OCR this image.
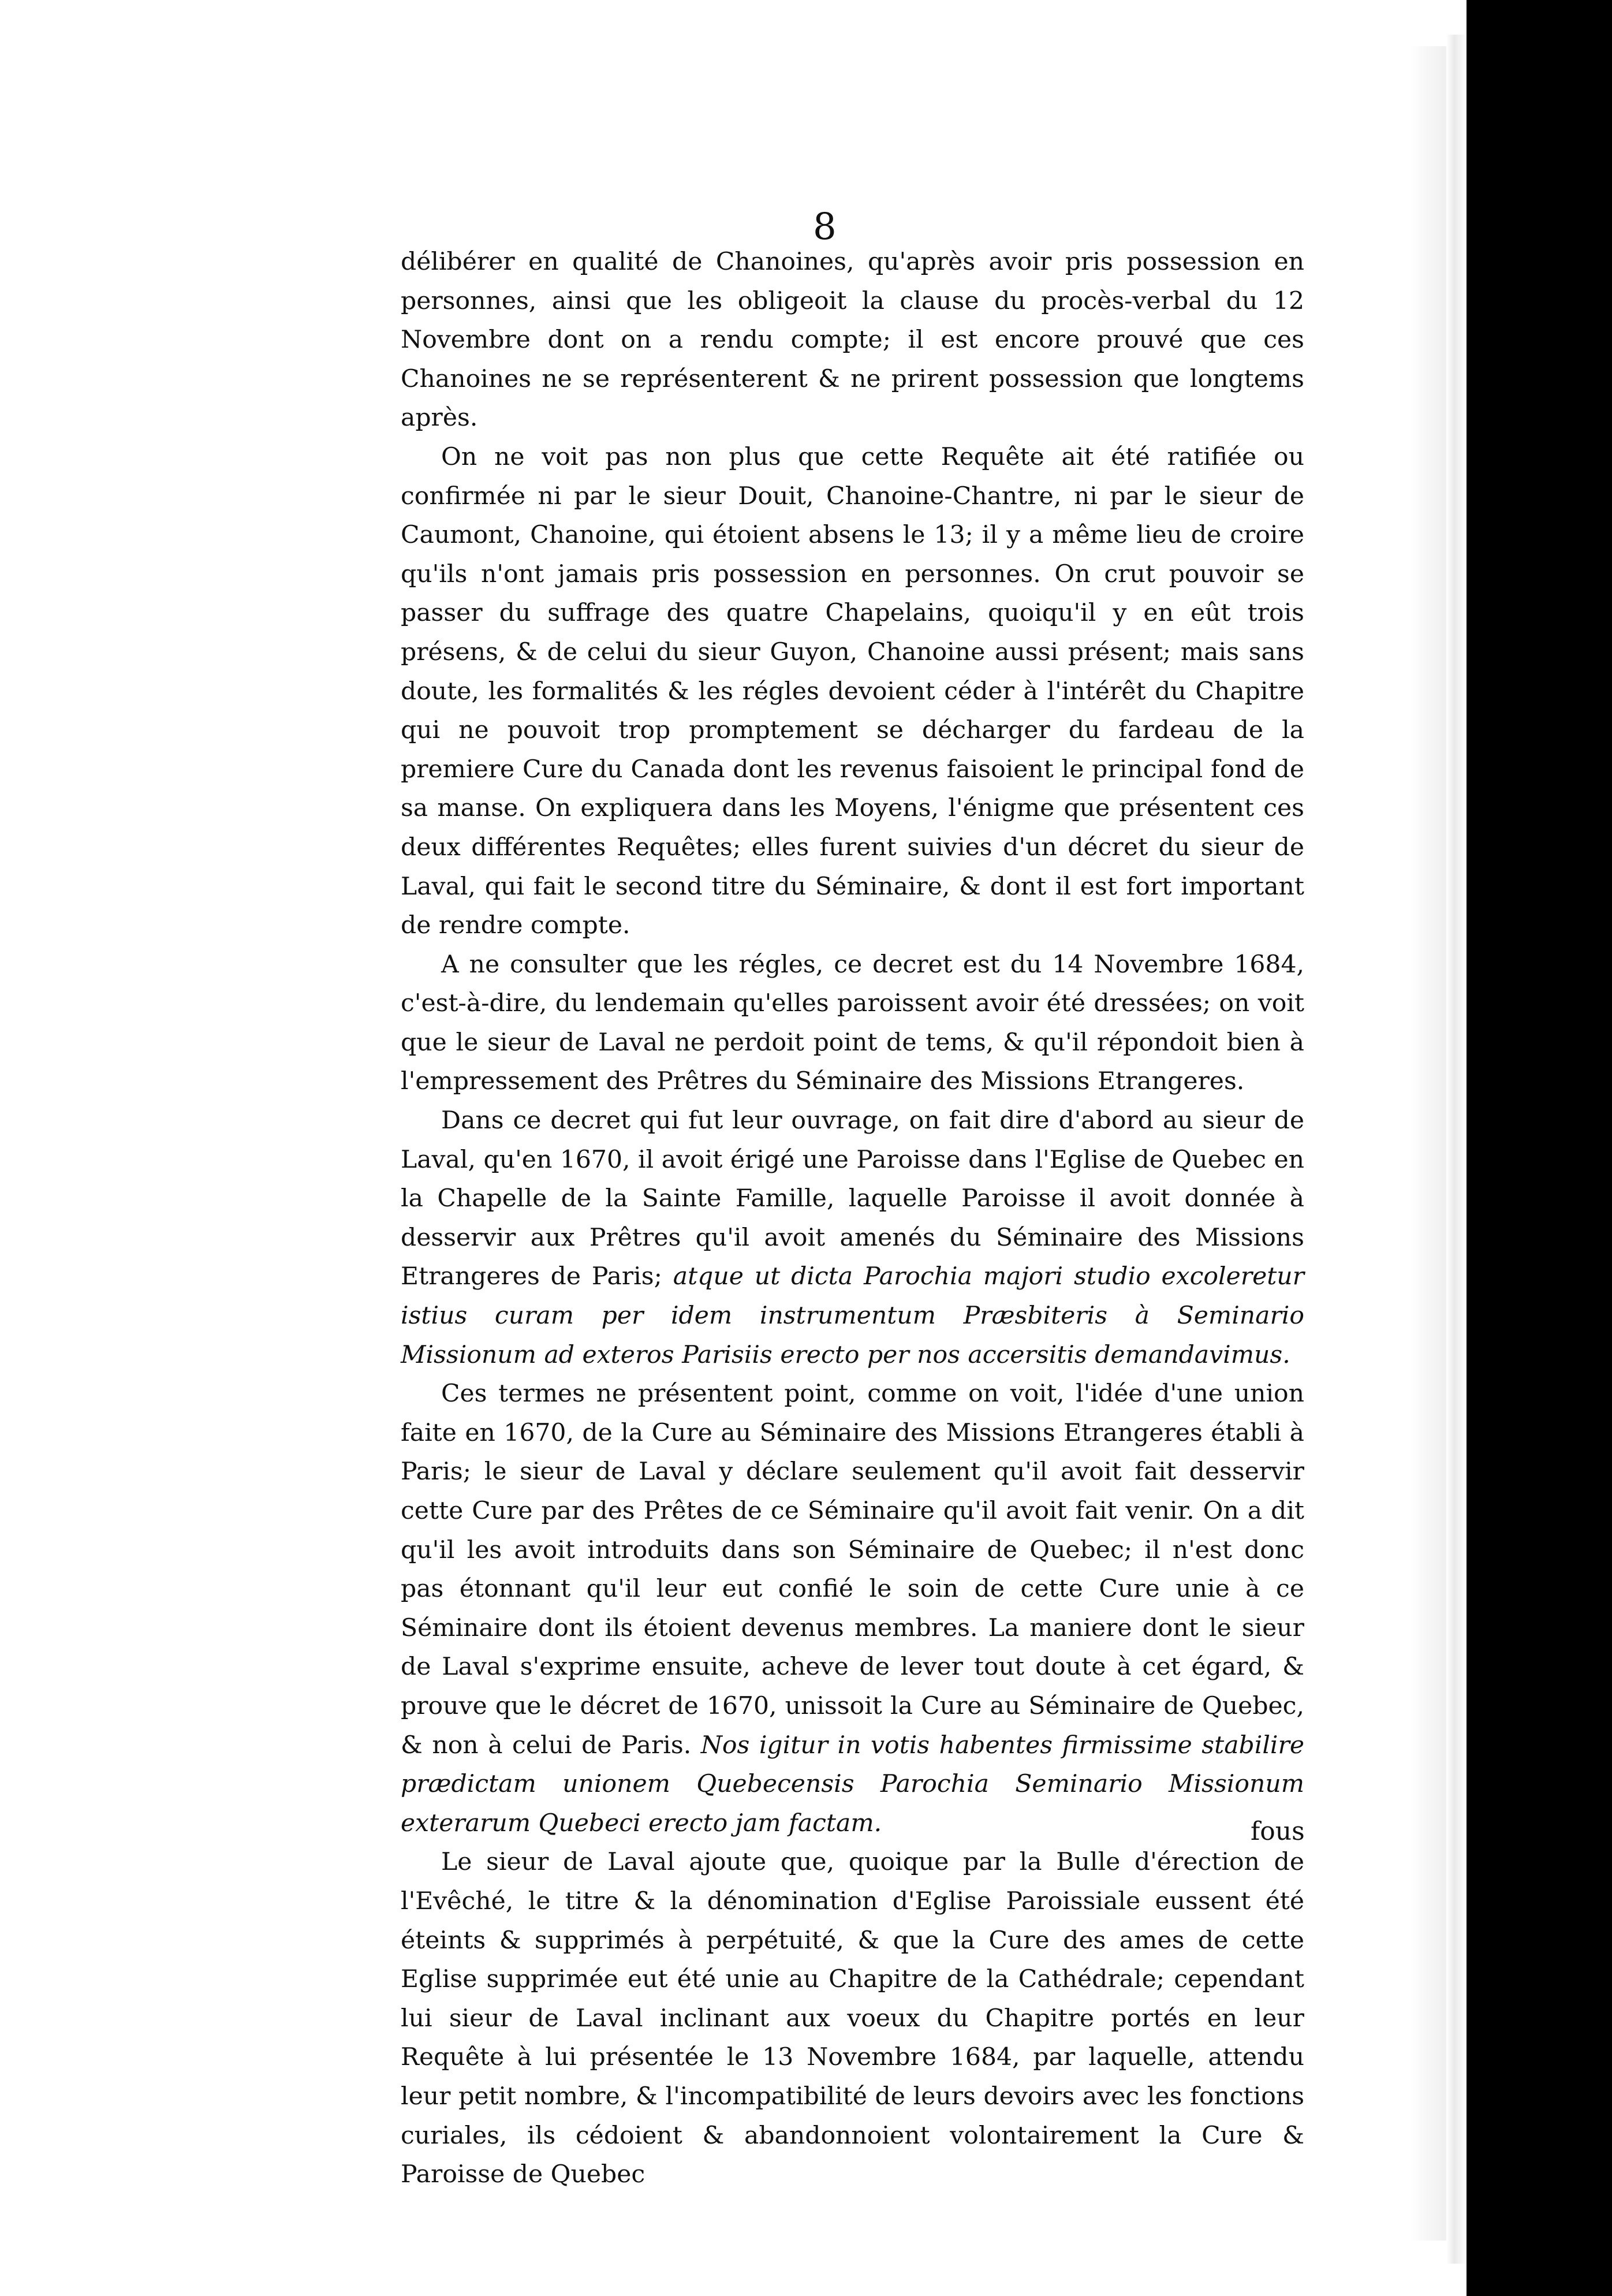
8

délibérer en qualité de Chanoines, qu'après avoir pris possession en personnes, ainsi que les obligeoit la clause du procès-verbal du 12 Novembre dont on a rendu compte; il est encore prouvé que ces Chanoines ne se représenterent & ne prirent possession que longtems après.

On ne voit pas non plus que cette Requête ait été ratifiée ou confirmée ni par le sieur Douit, Chanoine-Chantre, ni par le sieur de Caumont, Chanoine, qui étoient absens le 13; il y a même lieu de croire qu'ils n'ont jamais pris possession en personnes. On crut pouvoir se passer du suffrage des quatre Chapelains, quoiqu'il y en eût trois présens, & de celui du sieur Guyon, Chanoine aussi présent; mais sans doute, les formalités & les régles devoient céder à l'intérêt du Chapitre qui ne pouvoit trop promptement se décharger du fardeau de la premiere Cure du Canada dont les revenus faisoient le principal fond de sa manse. On expliquera dans les Moyens, l'énigme que présentent ces deux différentes Requêtes; elles furent suivies d'un décret du sieur de Laval, qui fait le second titre du Séminaire, & dont il est fort important de rendre compte.

A ne consulter que les régles, ce decret est du 14 Novembre 1684, c'est-à-dire, du lendemain qu'elles paroissent avoir été dressées; on voit que le sieur de Laval ne perdoit point de tems, & qu'il répondoit bien à l'empressement des Prêtres du Séminaire des Missions Etrangeres.

Dans ce decret qui fut leur ouvrage, on fait dire d'abord au sieur de Laval, qu'en 1670, il avoit érigé une Paroisse dans l'Eglise de Quebec en la Chapelle de la Sainte Famille, laquelle Paroisse il avoit donnée à desservir aux Prêtres qu'il avoit amenés du Séminaire des Missions Etrangeres de Paris; atque ut dicta Parochia majori studio excoleretur istius curam per idem instrumentum Præsbiteris à Seminario Missionum ad exteros Parisiis erecto per nos accersitis demandavimus.

Ces termes ne présentent point, comme on voit, l'idée d'une union faite en 1670, de la Cure au Séminaire des Missions Etrangeres établi à Paris; le sieur de Laval y déclare seulement qu'il avoit fait desservir cette Cure par des Prêtes de ce Séminaire qu'il avoit fait venir. On a dit qu'il les avoit introduits dans son Séminaire de Quebec; il n'est donc pas étonnant qu'il leur eut confié le soin de cette Cure unie à ce Séminaire dont ils étoient devenus membres. La maniere dont le sieur de Laval s'exprime ensuite, acheve de lever tout doute à cet égard, & prouve que le décret de 1670, unissoit la Cure au Séminaire de Quebec, & non à celui de Paris. Nos igitur in votis habentes firmissime stabilire prædictam unionem Quebecensis Parochia Seminario Missionum exterarum Quebeci erecto jam factam.

Le sieur de Laval ajoute que, quoique par la Bulle d'érection de l'Evêché, le titre & la dénomination d'Eglise Paroissiale eussent été éteints & supprimés à perpétuité, & que la Cure des ames de cette Eglise supprimée eut été unie au Chapitre de la Cathédrale; cependant lui sieur de Laval inclinant aux voeux du Chapitre portés en leur Requête à lui présentée le 13 Novembre 1684, par laquelle, attendu leur petit nombre, & l'incompatibilité de leurs devoirs avec les fonctions curiales, ils cédoient & abandonnoient volontairement la Cure & Paroisse de Quebec

fous
